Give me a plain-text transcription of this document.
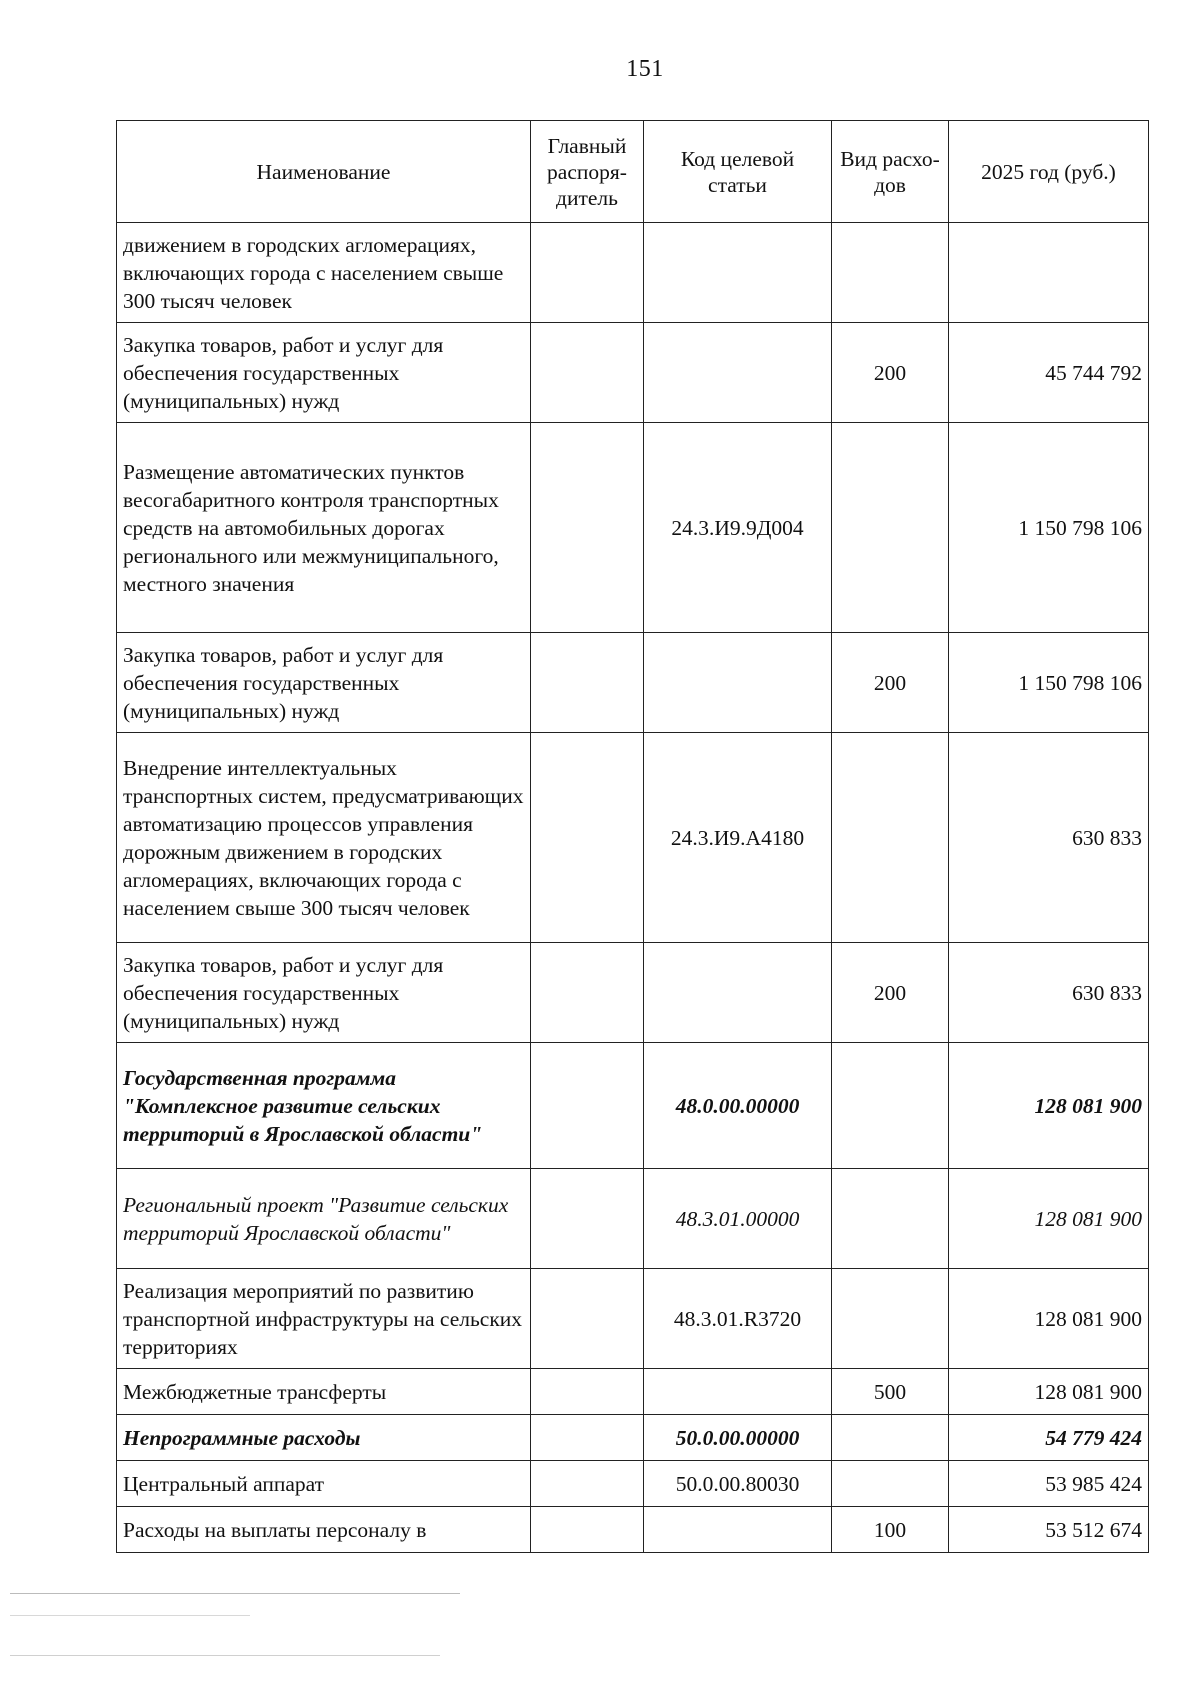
151
Наименование	Главный распоря-дитель	Код целевой статьи	Вид расхо-дов	2025 год (руб.)
движением в городских агломерациях, включающих города с населением свыше 300 тысяч человек				
Закупка товаров, работ и услуг для обеспечения государственных (муниципальных) нужд			200	45 744 792
Размещение автоматических пунктов весогабаритного контроля транспортных средств на автомобильных дорогах регионального или межмуниципального, местного значения		24.3.И9.9Д004		1 150 798 106
Закупка товаров, работ и услуг для обеспечения государственных (муниципальных) нужд			200	1 150 798 106
Внедрение интеллектуальных транспортных систем, предусматривающих автоматизацию процессов управления дорожным движением в городских агломерациях, включающих города с населением свыше 300 тысяч человек		24.3.И9.А4180		630 833
Закупка товаров, работ и услуг для обеспечения государственных (муниципальных) нужд			200	630 833
Государственная программа "Комплексное развитие сельских территорий в Ярославской области"		48.0.00.00000		128 081 900
Региональный проект "Развитие сельских территорий Ярославской области"		48.3.01.00000		128 081 900
Реализация мероприятий по развитию транспортной инфраструктуры на сельских территориях		48.3.01.R3720		128 081 900
Межбюджетные трансферты			500	128 081 900
Непрограммные расходы		50.0.00.00000		54 779 424
Центральный аппарат		50.0.00.80030		53 985 424
Расходы на выплаты персоналу в			100	53 512 674
